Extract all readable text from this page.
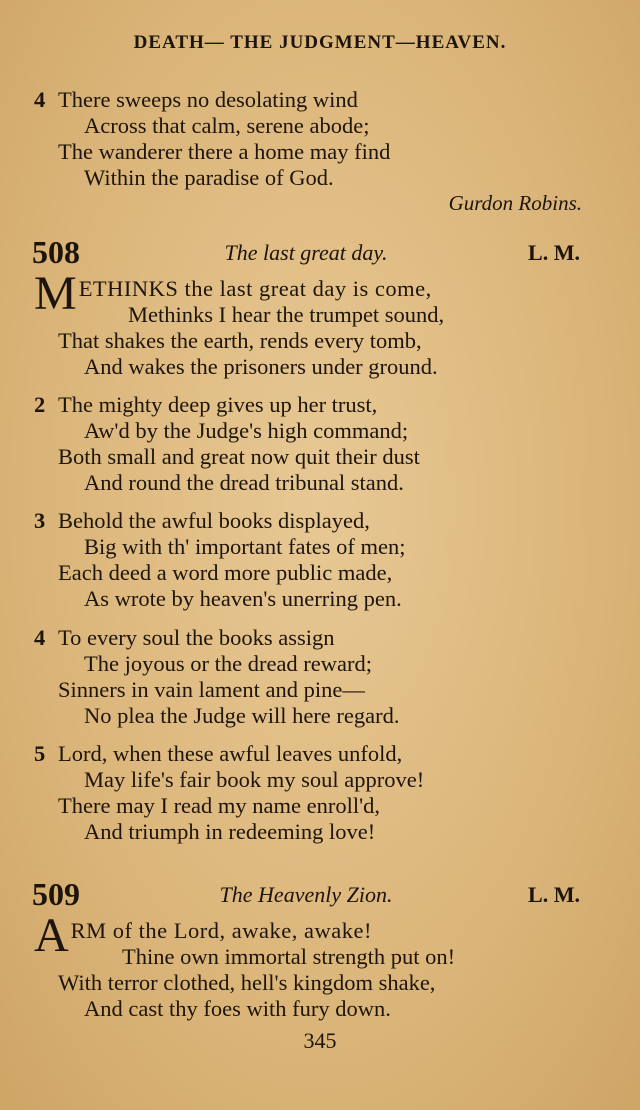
DEATH— THE JUDGMENT—HEAVEN.
4 There sweeps no desolating wind
Across that calm, serene abode;
The wanderer there a home may find
Within the paradise of God.
Gurdon Robins.
508	The last great day.	L. M.
METHINKS the last great day is come,
Methinks I hear the trumpet sound,
That shakes the earth, rends every tomb,
And wakes the prisoners under ground.
2 The mighty deep gives up her trust,
Aw'd by the Judge's high command;
Both small and great now quit their dust
And round the dread tribunal stand.
3 Behold the awful books displayed,
Big with th' important fates of men;
Each deed a word more public made,
As wrote by heaven's unerring pen.
4 To every soul the books assign
The joyous or the dread reward;
Sinners in vain lament and pine—
No plea the Judge will here regard.
5 Lord, when these awful leaves unfold,
May life's fair book my soul approve!
There may I read my name enroll'd,
And triumph in redeeming love!
509	The Heavenly Zion.	L. M.
ARM of the Lord, awake, awake!
Thine own immortal strength put on!
With terror clothed, hell's kingdom shake,
And cast thy foes with fury down.
345
